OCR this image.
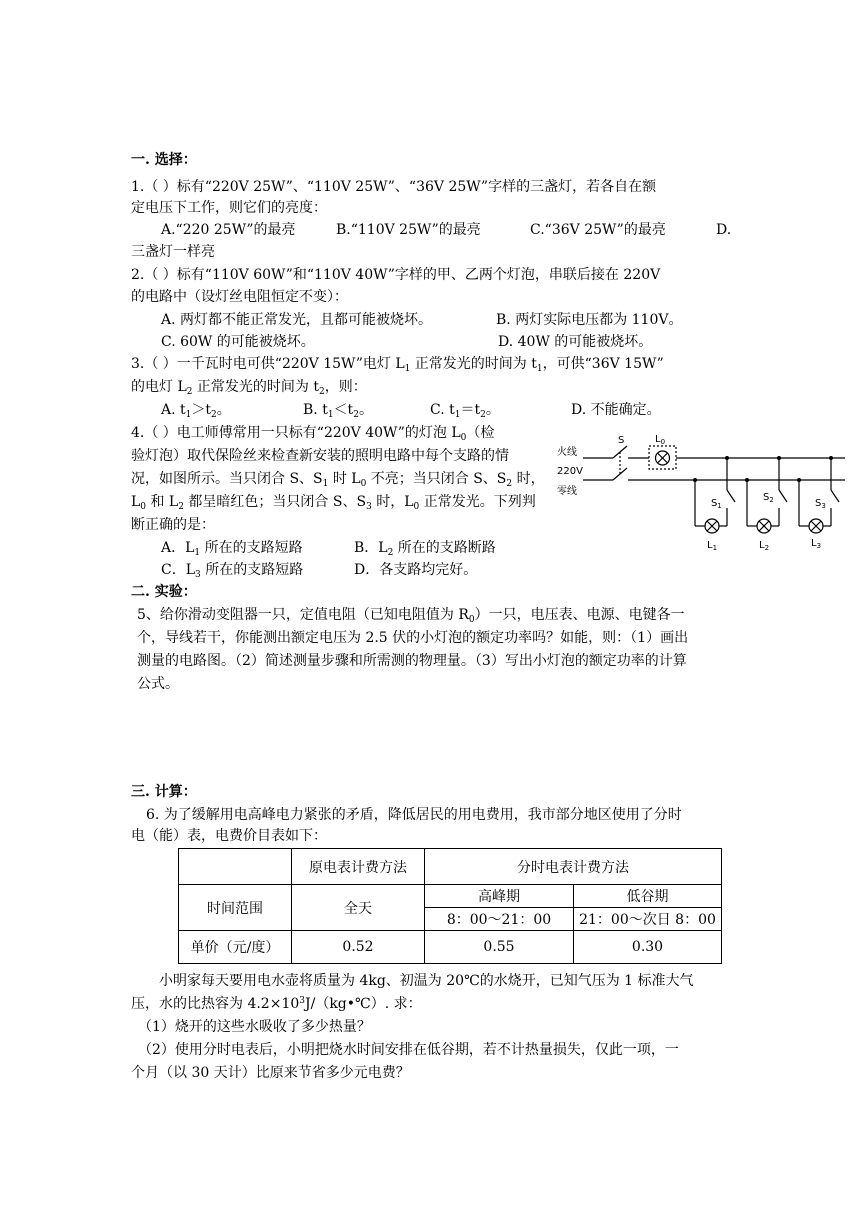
一. 选择：
1.（ ）标有“220V 25W”、“110V 25W”、“36V 25W”字样的三盏灯，若各自在额
定电压下工作，则它们的亮度：
A.“220 25W”的最亮	B.“110V 25W”的最亮	C.“36V 25W”的最亮	D.
三盏灯一样亮
2.（ ）标有“110V 60W”和“110V 40W”字样的甲、乙两个灯泡，串联后接在 220V
的电路中（设灯丝电阻恒定不变）：
A. 两灯都不能正常发光，且都可能被烧坏。	B. 两灯实际电压都为 110V。
C. 60W 的可能被烧坏。	D. 40W 的可能被烧坏。
3.（ ）一千瓦时电可供“220V 15W”电灯 $L_1$ 正常发光的时间为 $t_1$，可供“36V 15W”
的电灯 $L_2$ 正常发光的时间为 $t_2$，则：
A. $t_1>t_2$。	B. $t_1<t_2$。	C. $t_1=t_2$。	D. 不能确定。
4.（ ）电工师傅常用一只标有“220V 40W”的灯泡 $L_0$（检
验灯泡）取代保险丝来检查新安装的照明电路中每个支路的情
况，如图所示。当只闭合 S、$S_1$ 时 $L_0$ 不亮；当只闭合 S、$S_2$ 时，
$L_0$ 和 $L_2$ 都呈暗红色；当只闭合 S、$S_3$ 时，$L_0$ 正常发光。下列判
断正确的是：
A．$L_1$ 所在的支路短路	B．$L_2$ 所在的支路断路
C．$L_3$ 所在的支路短路	D．各支路均完好。
火线
220V
零线
S	$L_0$
$S_1$
$S_2$	$S_3$
$L_1$	$L_2$	$L_3$
二. 实验：
5、给你滑动变阻器一只，定值电阻（已知电阻值为 $R_0$）一只，电压表、电源、电键各一
个，导线若干，你能测出额定电压为 2.5 伏的小灯泡的额定功率吗？如能，则：（1）画出
测量的电路图。（2）简述测量步骤和所需测的物理量。（3）写出小灯泡的额定功率的计算
公式。
三. 计算：
6. 为了缓解用电高峰电力紧张的矛盾，降低居民的用电费用，我市部分地区使用了分时
电（能）表，电费价目表如下：
	原电表计费方法	分时电表计费方法	
时间范围	全天	高峰期	低谷期
		8：00～21：00	21：00～次日 8：00
单价（元/度）	0.52	0.55	0.30
小明家每天要用电水壶将质量为 4kg、初温为 20℃的水烧开，已知气压为 1 标准大气
压，水的比热容为 $4.2\times 10^3J/(kg•℃)$. 求：
（1）烧开的这些水吸收了多少热量？
（2）使用分时电表后，小明把烧水时间安排在低谷期，若不计热量损失，仅此一项，一
个月（以 30 天计）比原来节省多少元电费？
